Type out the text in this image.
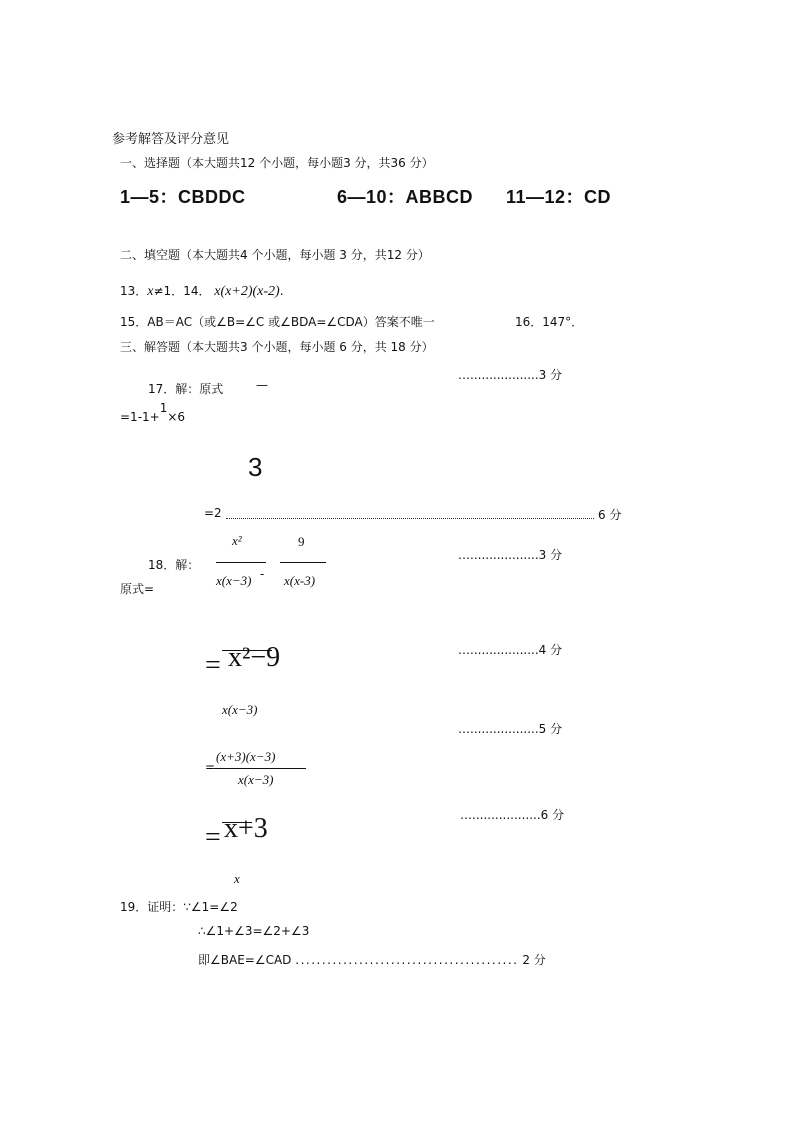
参考解答及评分意见
一、选择题（本大题共12 个小题，每小题3 分，共36 分）
1—5：CBDDC	6—10：ABBCD 11—12：CD
二、填空题（本大题共4 个小题，每小题 3 分，共12 分）
13．x≠1．14． x(x+2)(x-2).
15．AB＝AC（或∠B=∠C 或∠BDA=∠CDA）答案不唯一	16．147°．
三、解答题（本大题共3 个小题，每小题 6 分，共 18 分）
…..................3 分
17．解：原式	—
=1-1+$^1$×6
3
=2	6 分
x²
x(x−3) -
9
x(x-3)
18．解：
原式=
…..................3 分
…..................4 分
= x²−9
x(x−3)
…..................5 分
=
(x+3)(x−3)
x(x−3)
…..................6 分
= x+3
x
19．证明：∵∠1=∠2
∴∠1+∠3=∠2+∠3
即∠BAE=∠CAD .......................................... 2 分
